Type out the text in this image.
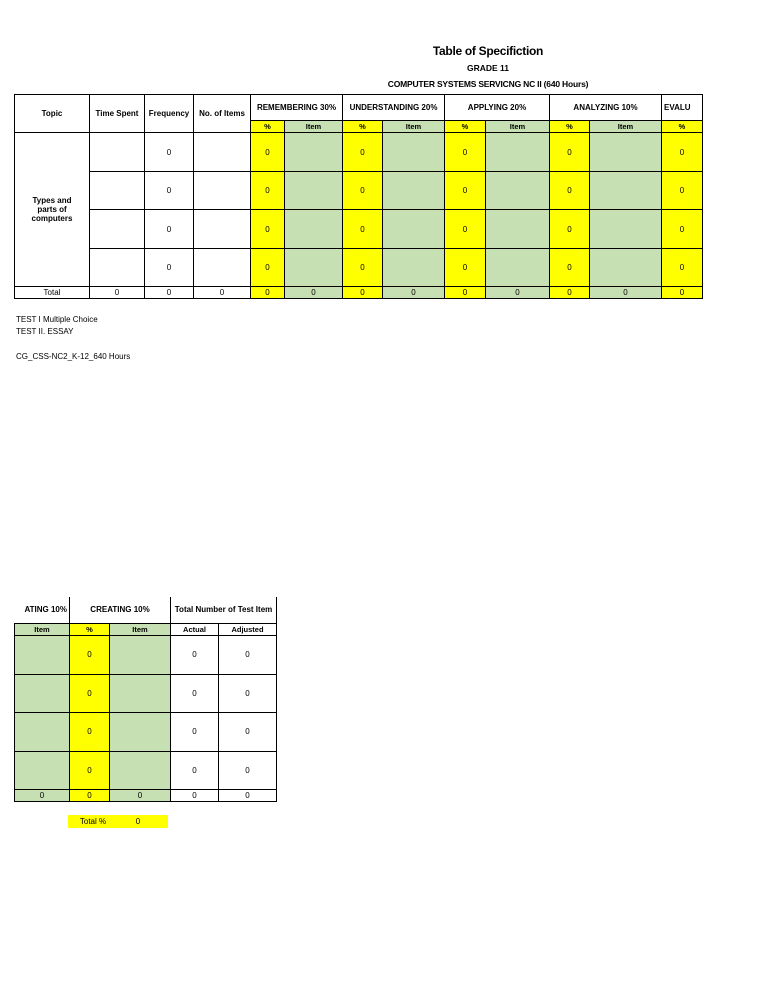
Table of Specifiction
GRADE 11
COMPUTER SYSTEMS SERVICNG NC II (640 Hours)
Topic	Time Spent	Frequency	No. of Items	REMEMBERING 30%		UNDERSTANDING 20%		APPLYING 20%		ANALYZING 10%		EVALU
				%	Item	%	Item	%	Item	%	Item	%
Types and parts of computers		0		0		0		0		0		0
		0		0		0		0		0		0
		0		0		0		0		0		0
		0		0		0		0		0		0
Total	0	0	0	0	0	0	0	0	0	0	0	0
TEST I Multiple Choice
TEST II. ESSAY
CG_CSS-NC2_K-12_640 Hours
ATING 10%	CREATING 10%		Total Number of Test Item	
Item	%	Item	Actual	Adjusted
	0		0	0
	0		0	0
	0		0	0
	0		0	0
0	0	0	0	0
Total %	0
